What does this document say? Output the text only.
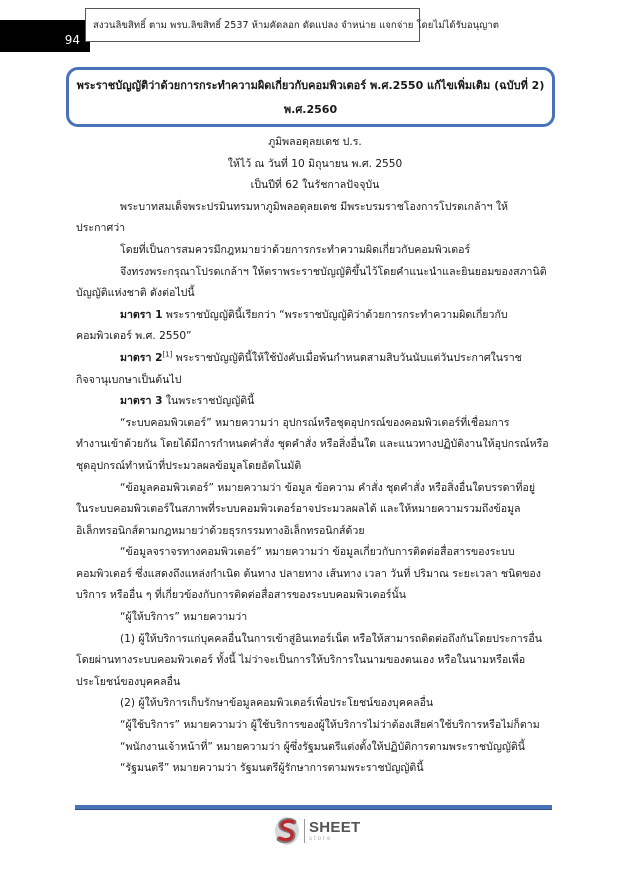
94
สงวนลิขสิทธิ์ ตาม พรบ.ลิขสิทธิ์ 2537 ห้ามคัดลอก ดัดแปลง จำหน่าย แจกจ่าย โดยไม่ได้รับอนุญาต
พระราชบัญญัติว่าด้วยการกระทำความผิดเกี่ยวกับคอมพิวเตอร์ พ.ศ.2550 แก้ไขเพิ่มเติม (ฉบับที่ 2)
พ.ศ.2560
ภูมิพลอดุลยเดช ป.ร.
ให้ไว้ ณ วันที่ 10 มิถุนายน พ.ศ. 2550
เป็นปีที่ 62 ในรัชกาลปัจจุบัน
พระบาทสมเด็จพระปรมินทรมหาภูมิพลอดุลยเดช มีพระบรมราชโองการโปรดเกล้าฯ ให้
ประกาศว่า
โดยที่เป็นการสมควรมีกฎหมายว่าด้วยการกระทำความผิดเกี่ยวกับคอมพิวเตอร์
จึงทรงพระกรุณาโปรดเกล้าฯ ให้ตราพระราชบัญญัติขึ้นไว้โดยคำแนะนำและยินยอมของสภานิติ
บัญญัติแห่งชาติ ดังต่อไปนี้
มาตรา 1 พระราชบัญญัตินี้เรียกว่า “พระราชบัญญัติว่าด้วยการกระทำความผิดเกี่ยวกับ
คอมพิวเตอร์ พ.ศ. 2550”
มาตรา 2[1] พระราชบัญญัตินี้ให้ใช้บังคับเมื่อพ้นกำหนดสามสิบวันนับแต่วันประกาศในราช
กิจจานุเบกษาเป็นต้นไป
มาตรา 3 ในพระราชบัญญัตินี้
“ระบบคอมพิวเตอร์” หมายความว่า อุปกรณ์หรือชุดอุปกรณ์ของคอมพิวเตอร์ที่เชื่อมการ
ทำงานเข้าด้วยกัน โดยได้มีการกำหนดคำสั่ง ชุดคำสั่ง หรือสิ่งอื่นใด และแนวทางปฏิบัติงานให้อุปกรณ์หรือ
ชุดอุปกรณ์ทำหน้าที่ประมวลผลข้อมูลโดยอัตโนมัติ
“ข้อมูลคอมพิวเตอร์” หมายความว่า ข้อมูล ข้อความ คำสั่ง ชุดคำสั่ง หรือสิ่งอื่นใดบรรดาที่อยู่
ในระบบคอมพิวเตอร์ในสภาพที่ระบบคอมพิวเตอร์อาจประมวลผลได้ และให้หมายความรวมถึงข้อมูล
อิเล็กทรอนิกส์ตามกฎหมายว่าด้วยธุรกรรมทางอิเล็กทรอนิกส์ด้วย
“ข้อมูลจราจรทางคอมพิวเตอร์” หมายความว่า ข้อมูลเกี่ยวกับการติดต่อสื่อสารของระบบ
คอมพิวเตอร์ ซึ่งแสดงถึงแหล่งกำเนิด ต้นทาง ปลายทาง เส้นทาง เวลา วันที่ ปริมาณ ระยะเวลา ชนิดของ
บริการ หรืออื่น ๆ ที่เกี่ยวข้องกับการติดต่อสื่อสารของระบบคอมพิวเตอร์นั้น
“ผู้ให้บริการ” หมายความว่า
(1) ผู้ให้บริการแก่บุคคลอื่นในการเข้าสู่อินเทอร์เน็ต หรือให้สามารถติดต่อถึงกันโดยประการอื่น
โดยผ่านทางระบบคอมพิวเตอร์ ทั้งนี้ ไม่ว่าจะเป็นการให้บริการในนามของตนเอง หรือในนามหรือเพื่อ
ประโยชน์ของบุคคลอื่น
(2) ผู้ให้บริการเก็บรักษาข้อมูลคอมพิวเตอร์เพื่อประโยชน์ของบุคคลอื่น
“ผู้ใช้บริการ” หมายความว่า ผู้ใช้บริการของผู้ให้บริการไม่ว่าต้องเสียค่าใช้บริการหรือไม่ก็ตาม
“พนักงานเจ้าหน้าที่” หมายความว่า ผู้ซึ่งรัฐมนตรีแต่งตั้งให้ปฏิบัติการตามพระราชบัญญัตินี้
“รัฐมนตรี” หมายความว่า รัฐมนตรีผู้รักษาการตามพระราชบัญญัตินี้
SHEET
store
